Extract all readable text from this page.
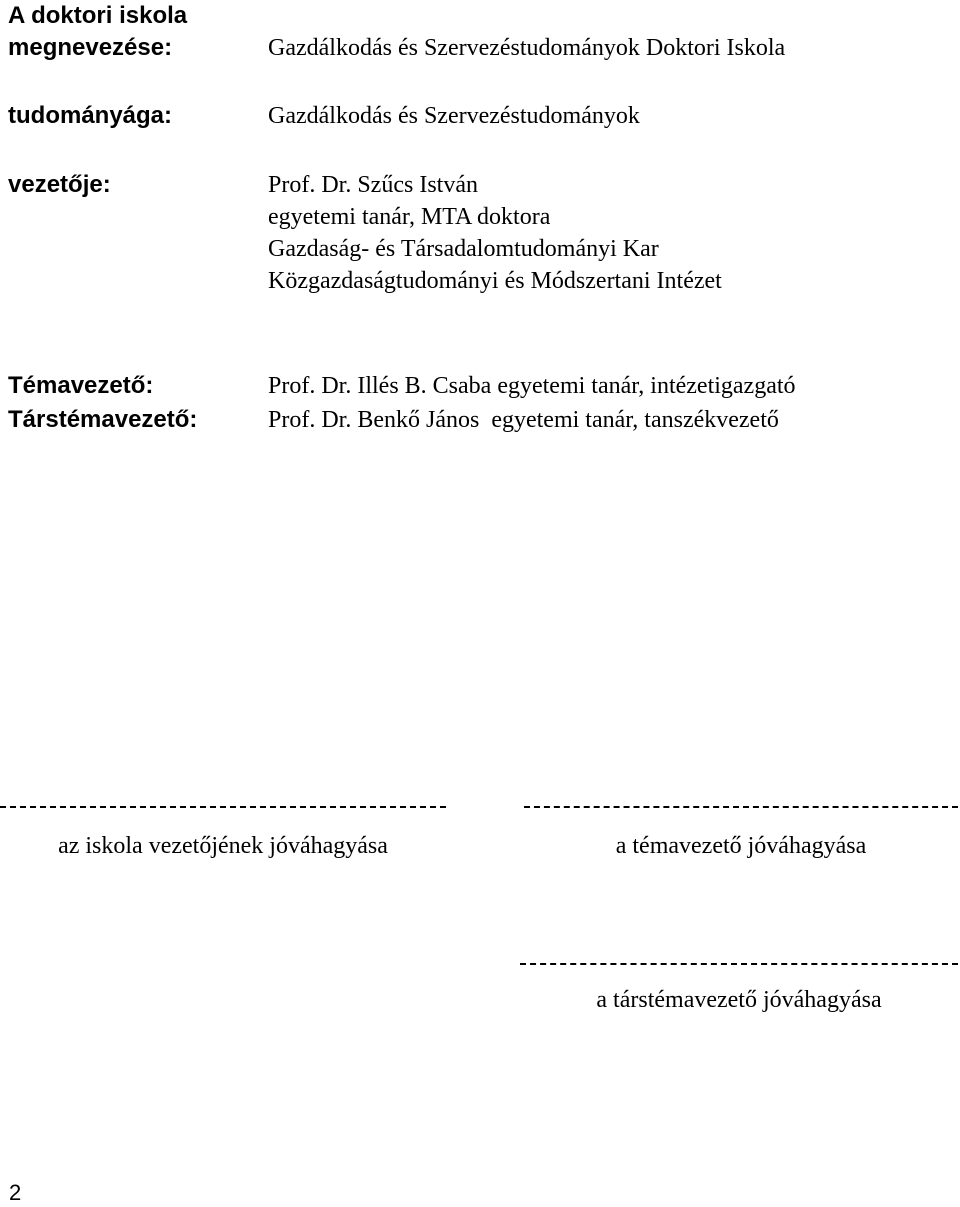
A doktori iskola
megnevezése:	Gazdálkodás és Szervezéstudományok Doktori Iskola
tudományága:	Gazdálkodás és Szervezéstudományok
vezetője:	Prof. Dr. Szűcs István
egyetemi tanár, MTA doktora
Gazdaság- és Társadalomtudományi Kar
Közgazdaságtudományi és Módszertani Intézet
Témavezető:	Prof. Dr. Illés B. Csaba egyetemi tanár, intézetigazgató
Társtémavezető:	Prof. Dr. Benkő János  egyetemi tanár, tanszékvezető
az iskola vezetőjének jóváhagyása	a témavezető jóváhagyása
a társtémavezető jóváhagyása
2
